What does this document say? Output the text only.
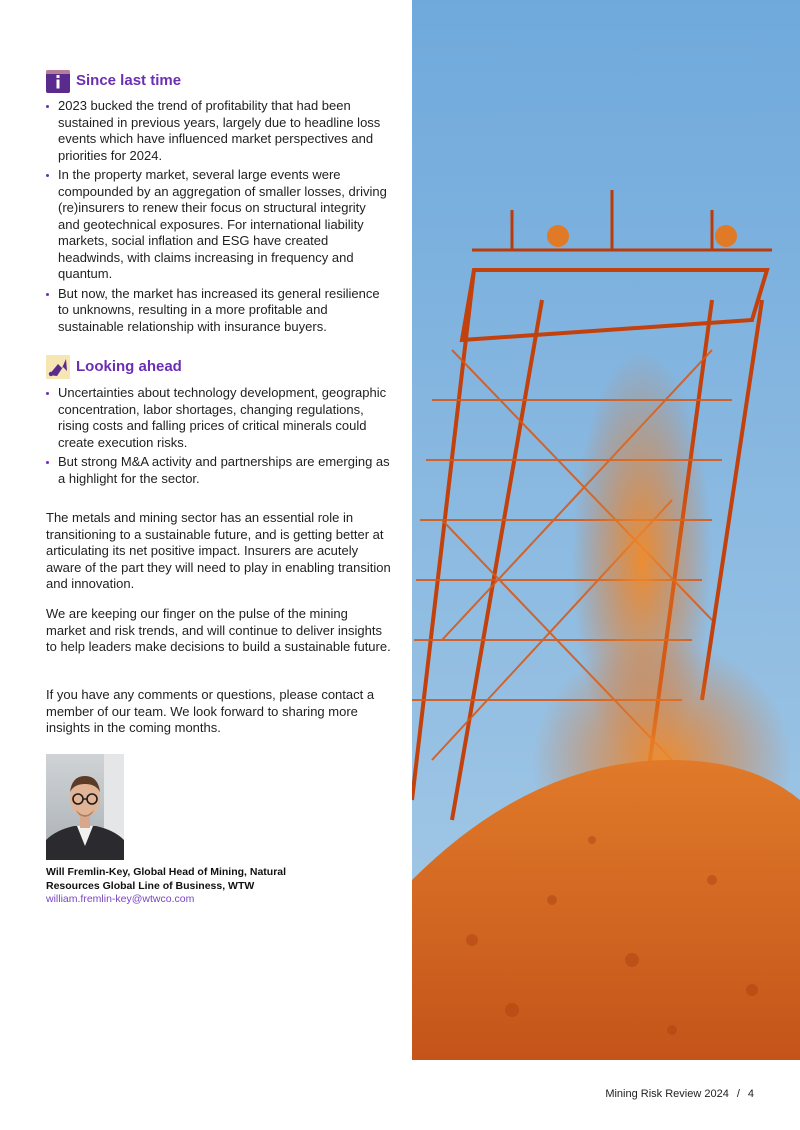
Since last time
2023 bucked the trend of profitability that had been sustained in previous years, largely due to headline loss events which have influenced market perspectives and priorities for 2024.
In the property market, several large events were compounded by an aggregation of smaller losses, driving (re)insurers to renew their focus on structural integrity and geotechnical exposures. For international liability markets, social inflation and ESG have created headwinds, with claims increasing in frequency and quantum.
But now, the market has increased its general resilience to unknowns, resulting in a more profitable and sustainable relationship with insurance buyers.
Looking ahead
Uncertainties about technology development, geographic concentration, labor shortages, changing regulations, rising costs and falling prices of critical minerals could create execution risks.
But strong M&A activity and partnerships are emerging as a highlight for the sector.

The metals and mining sector has an essential role in transitioning to a sustainable future, and is getting better at articulating its net positive impact. Insurers are acutely aware of the part they will need to play in enabling transition and innovation.

We are keeping our finger on the pulse of the mining market and risk trends, and will continue to deliver insights to help leaders make decisions to build a sustainable future.

If you have any comments or questions, please contact a member of our team. We look forward to sharing more insights in the coming months.

Will Fremlin-Key, Global Head of Mining, Natural Resources Global Line of Business, WTW
william.fremlin-key@wtwco.com
Mining Risk Review 2024 / 4
